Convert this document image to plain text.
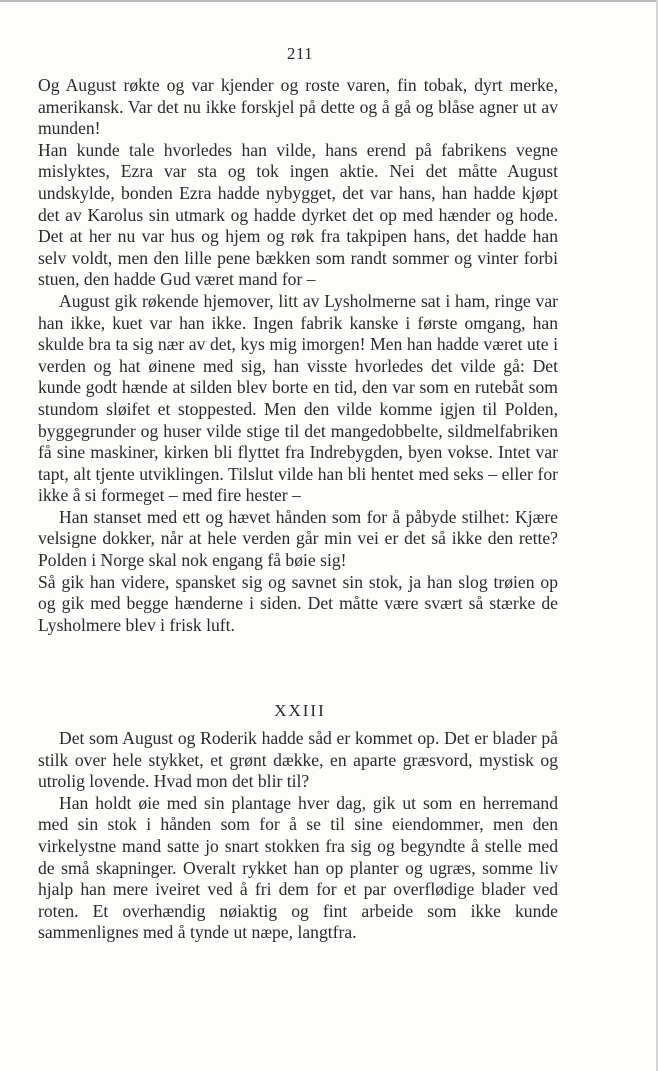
211

Og August røkte og var kjender og roste varen, fin tobak, dyrt merke, amerikansk. Var det nu ikke forskjel på dette og å gå og blåse agner ut av munden!

Han kunde tale hvorledes han vilde, hans erend på fabrikens vegne mislyktes, Ezra var sta og tok ingen aktie. Nei det måtte August undskylde, bonden Ezra hadde nybygget, det var hans, han hadde kjøpt det av Karolus sin utmark og hadde dyrket det op med hænder og hode. Det at her nu var hus og hjem og røk fra takpipen hans, det hadde han selv voldt, men den lille pene bækken som randt sommer og vinter forbi stuen, den hadde Gud været mand for –

August gik røkende hjemover, litt av Lysholmerne sat i ham, ringe var han ikke, kuet var han ikke. Ingen fabrik kanske i første omgang, han skulde bra ta sig nær av det, kys mig imorgen! Men han hadde været ute i verden og hat øinene med sig, han visste hvorledes det vilde gå: Det kunde godt hænde at silden blev borte en tid, den var som en rutebåt som stundom sløifet et stoppested. Men den vilde komme igjen til Polden, byggegrunder og huser vilde stige til det mangedobbelte, sildmelfabriken få sine maskiner, kirken bli flyttet fra Indrebygden, byen vokse. Intet var tapt, alt tjente utviklingen. Tilslut vilde han bli hentet med seks – eller for ikke å si formeget – med fire hester –

Han stanset med ett og hævet hånden som for å påbyde stilhet: Kjære velsigne dokker, når at hele verden går min vei er det så ikke den rette? Polden i Norge skal nok engang få bøie sig!

Så gik han videre, spansket sig og savnet sin stok, ja han slog trøien op og gik med begge hænderne i siden. Det måtte være svært så stærke de Lysholmere blev i frisk luft.

XXIII

Det som August og Roderik hadde såd er kommet op. Det er blader på stilk over hele stykket, et grønt dække, en aparte græsvord, mystisk og utrolig lovende. Hvad mon det blir til?

Han holdt øie med sin plantage hver dag, gik ut som en herremand med sin stok i hånden som for å se til sine eiendommer, men den virkelystne mand satte jo snart stokken fra sig og begyndte å stelle med de små skapninger. Overalt rykket han op planter og ugræs, somme liv hjalp han mere iveiret ved å fri dem for et par overflødige blader ved roten. Et overhændig nøiaktig og fint arbeide som ikke kunde sammenlignes med å tynde ut næpe, langtfra.
